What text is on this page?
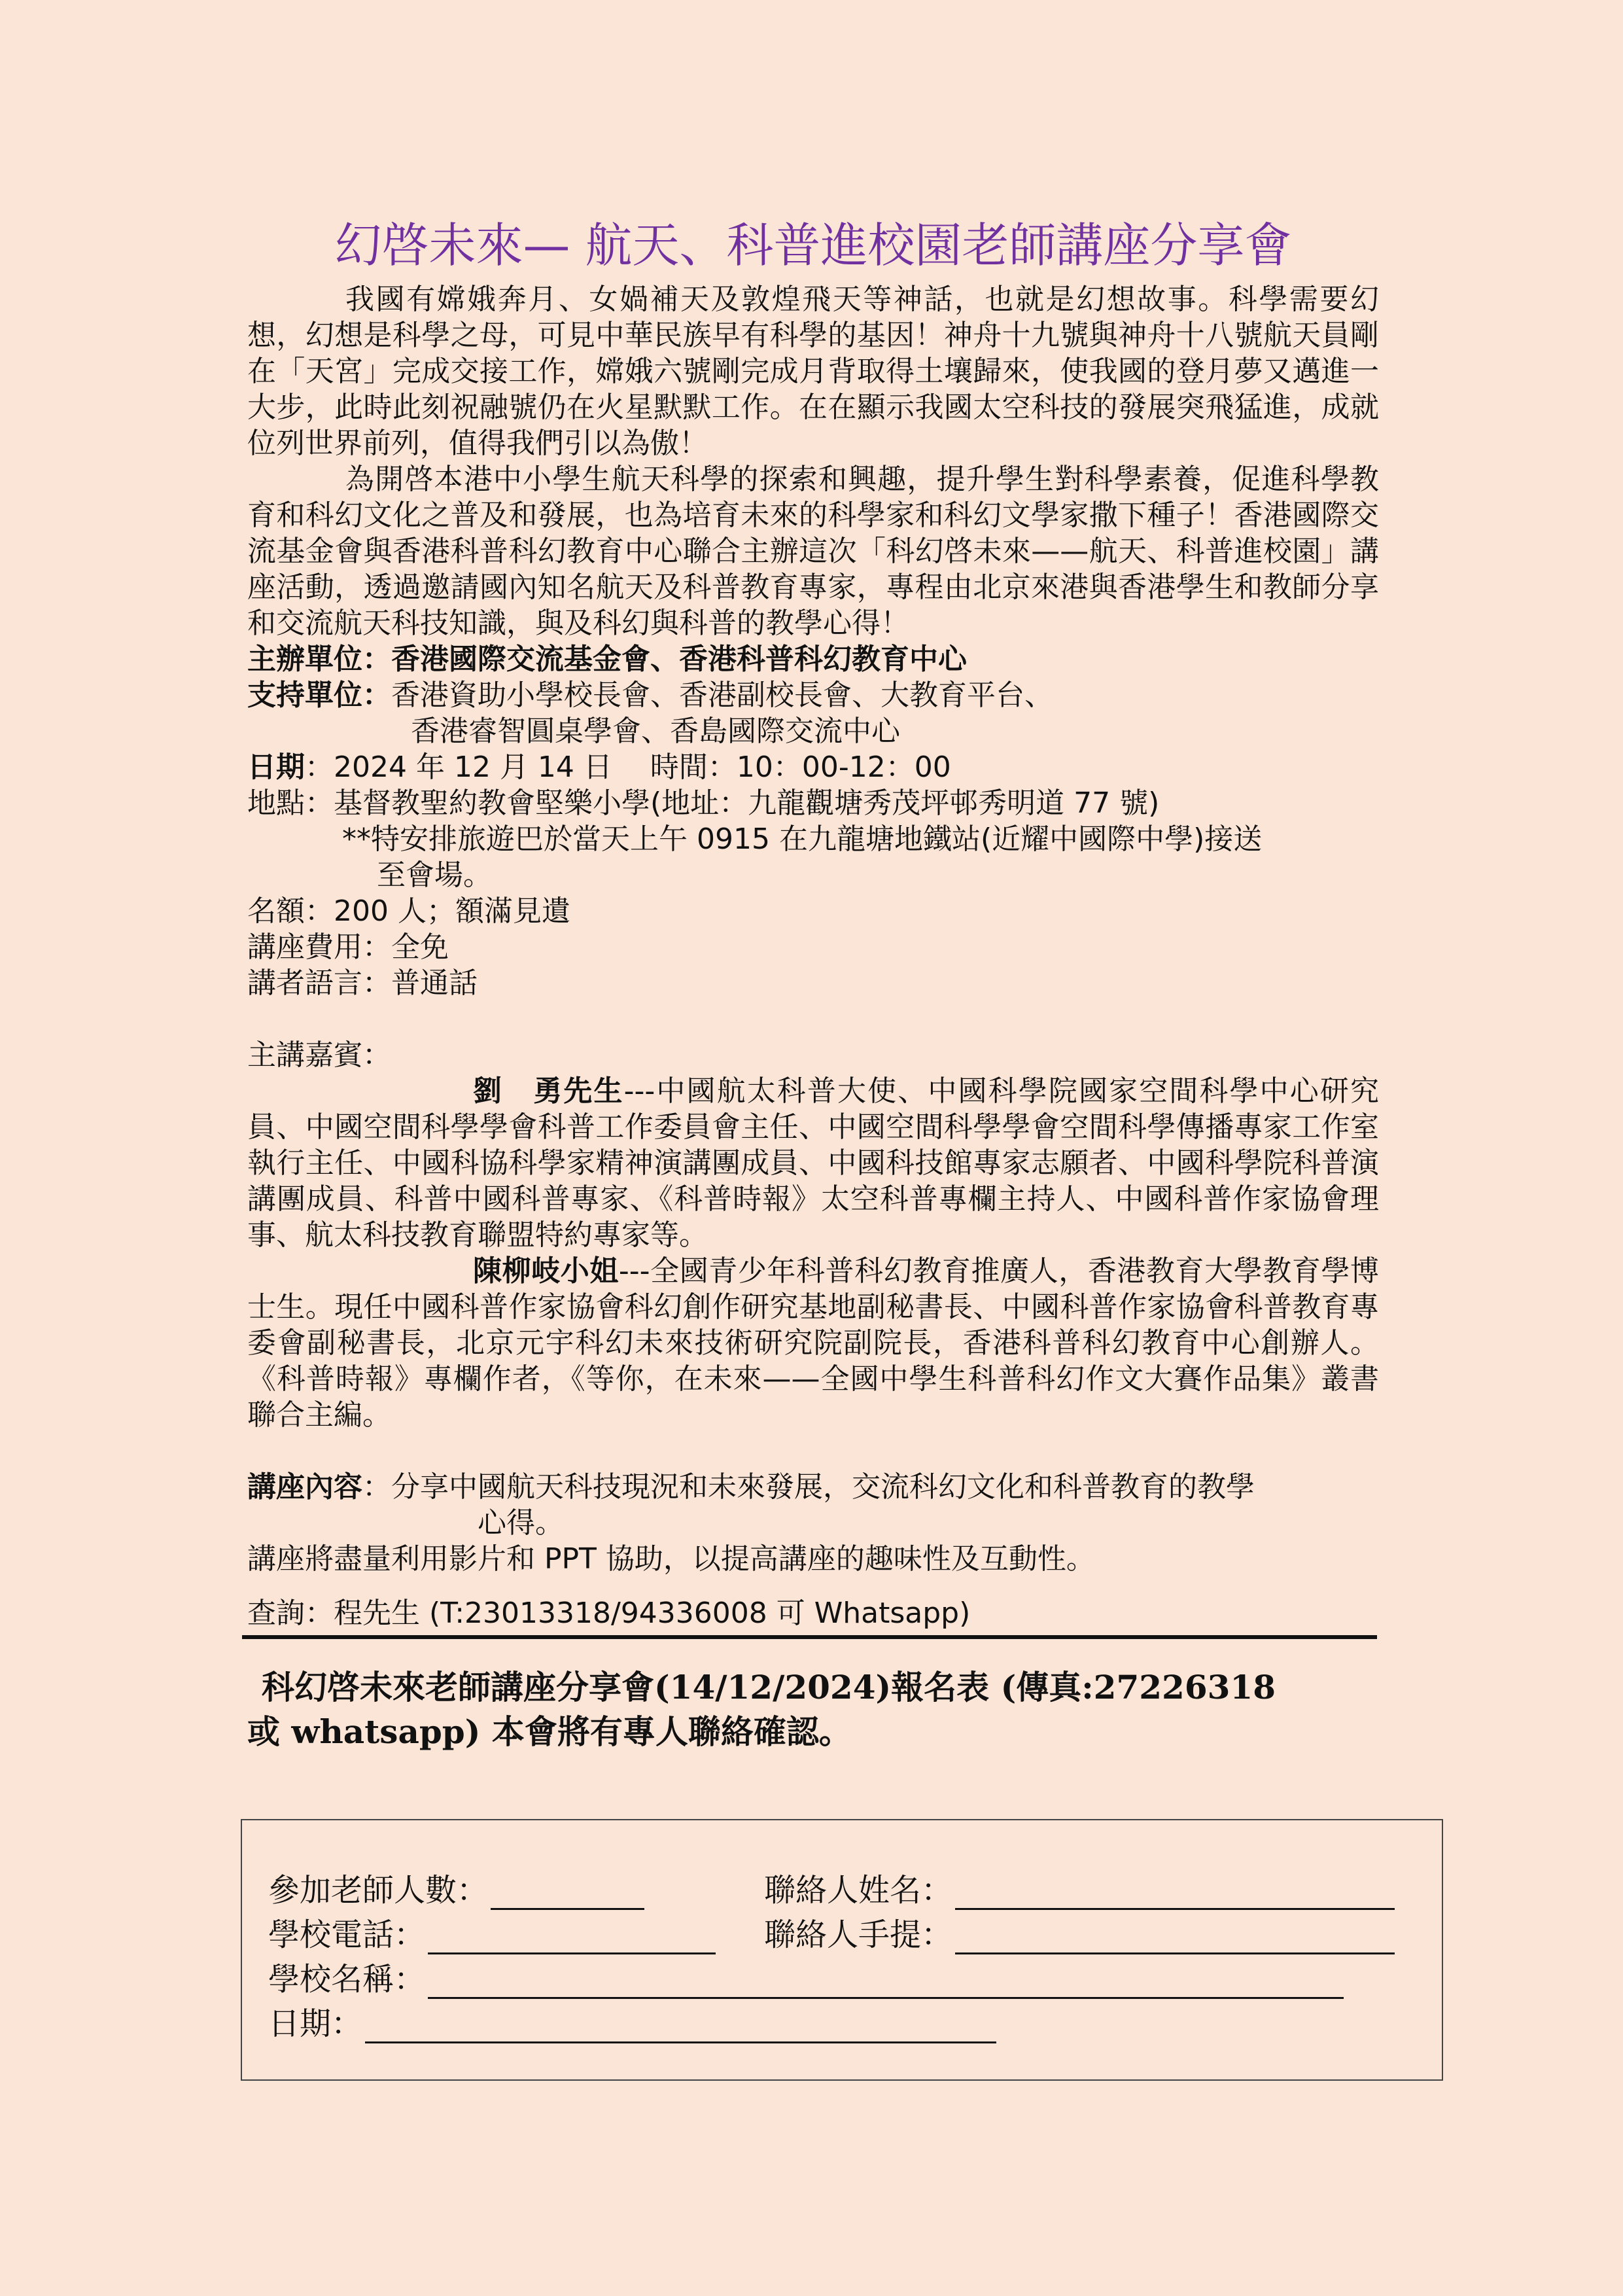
幻啓未來— 航天、科普進校園老師講座分享會

我國有嫦娥奔月、女媧補天及敦煌飛天等神話，也就是幻想故事。科學需要幻想，幻想是科學之母，可見中華民族早有科學的基因！神舟十九號與神舟十八號航天員剛在「天宮」完成交接工作，嫦娥六號剛完成月背取得土壤歸來，使我國的登月夢又邁進一大步，此時此刻祝融號仍在火星默默工作。在在顯示我國太空科技的發展突飛猛進，成就位列世界前列，值得我們引以為傲！

為開啓本港中小學生航天科學的探索和興趣，提升學生對科學素養，促進科學教育和科幻文化之普及和發展，也為培育未來的科學家和科幻文學家撒下種子！香港國際交流基金會與香港科普科幻教育中心聯合主辦這次「科幻啓未來——航天、科普進校園」講座活動，透過邀請國內知名航天及科普教育專家，專程由北京來港與香港學生和教師分享和交流航天科技知識，與及科幻與科普的教學心得！

主辦單位：香港國際交流基金會、香港科普科幻教育中心

支持單位：香港資助小學校長會、香港副校長會、大教育平台、

香港睿智圓桌學會、香島國際交流中心

日期：2024 年 12 月 14 日　 時間：10：00-12：00

地點：基督教聖約教會堅樂小學(地址：九龍觀塘秀茂坪邨秀明道 77 號)

**特安排旅遊巴於當天上午 0915 在九龍塘地鐵站(近耀中國際中學)接送

至會場。

名額：200 人；額滿見遺

講座費用：全免

講者語言：普通話

主講嘉賓：

劉　勇先生---中國航太科普大使、中國科學院國家空間科學中心研究員、中國空間科學學會科普工作委員會主任、中國空間科學學會空間科學傳播專家工作室執行主任、中國科協科學家精神演講團成員、中國科技館專家志願者、中國科學院科普演講團成員、科普中國科普專家、《科普時報》太空科普專欄主持人、中國科普作家協會理事、航太科技教育聯盟特約專家等。

陳柳岐小姐---全國青少年科普科幻教育推廣人，香港教育大學教育學博士生。現任中國科普作家協會科幻創作研究基地副秘書長、中國科普作家協會科普教育專委會副秘書長，北京元宇科幻未來技術研究院副院長，香港科普科幻教育中心創辦人。《科普時報》專欄作者，《等你，在未來——全國中學生科普科幻作文大賽作品集》叢書聯合主編。

講座內容：分享中國航天科技現況和未來發展，交流科幻文化和科普教育的教學

心得。

講座將盡量利用影片和 PPT 協助，以提高講座的趣味性及互動性。

查詢：程先生 (T:23013318/94336008 可 Whatsapp)

科幻啓未來老師講座分享會(14/12/2024)報名表 (傳真:27226318
或 whatsapp) 本會將有專人聯絡確認。
參加老師人數：	聯絡人姓名：
學校電話：	聯絡人手提：
學校名稱：
日期：
